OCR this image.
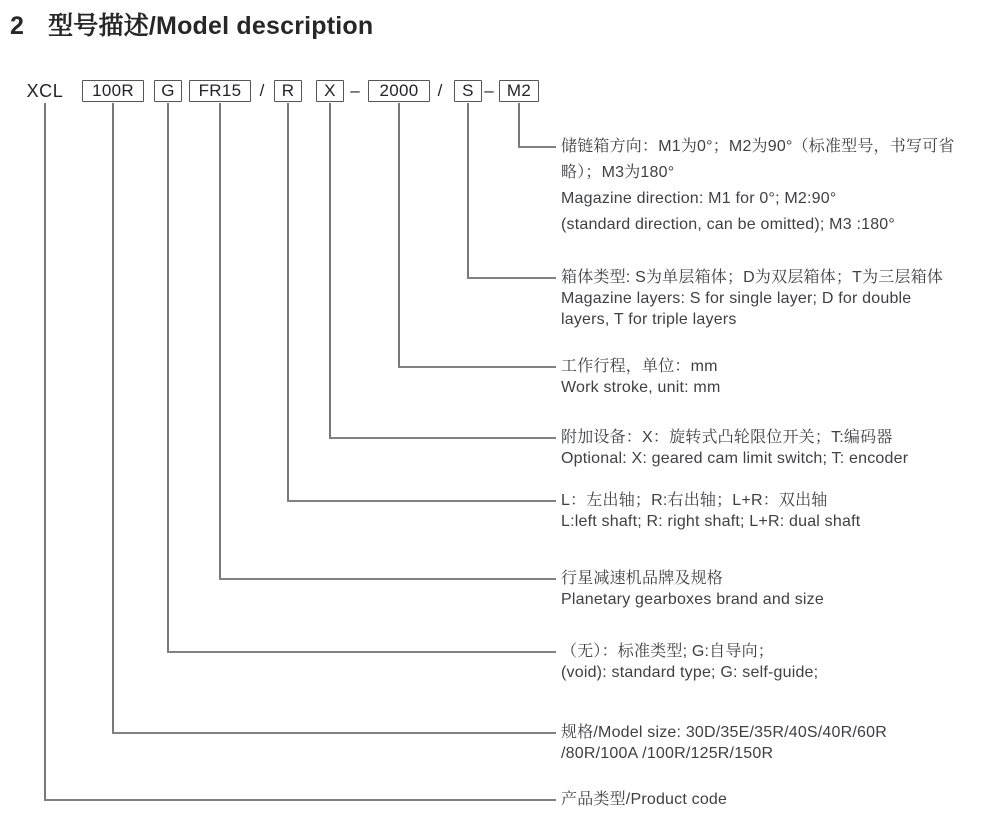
2 型号描述/Model description
XCL	100R	G	FR15	/	R	X –	2000	/	S – M2
储链箱方向：M1为0°；M2为90°（标准型号，书写可省
略）；M3为180°
Magazine direction: M1 for 0°; M2:90°
(standard direction, can be omitted); M3 :180°
箱体类型: S为单层箱体；D为双层箱体；T为三层箱体
Magazine layers: S for single layer; D for double
layers, T for triple layers
工作行程，单位：mm
Work stroke, unit: mm
附加设备：X：旋转式凸轮限位开关；T:编码器
Optional: X: geared cam limit switch; T: encoder
L：左出轴；R:右出轴；L+R：双出轴
L:left shaft; R: right shaft; L+R: dual shaft
行星减速机品牌及规格
Planetary gearboxes brand and size
（无）：标准类型; G:自导向；
(void): standard type; G: self-guide;
规格/Model size: 30D/35E/35R/40S/40R/60R
/80R/100A /100R/125R/150R
产品类型/Product code
